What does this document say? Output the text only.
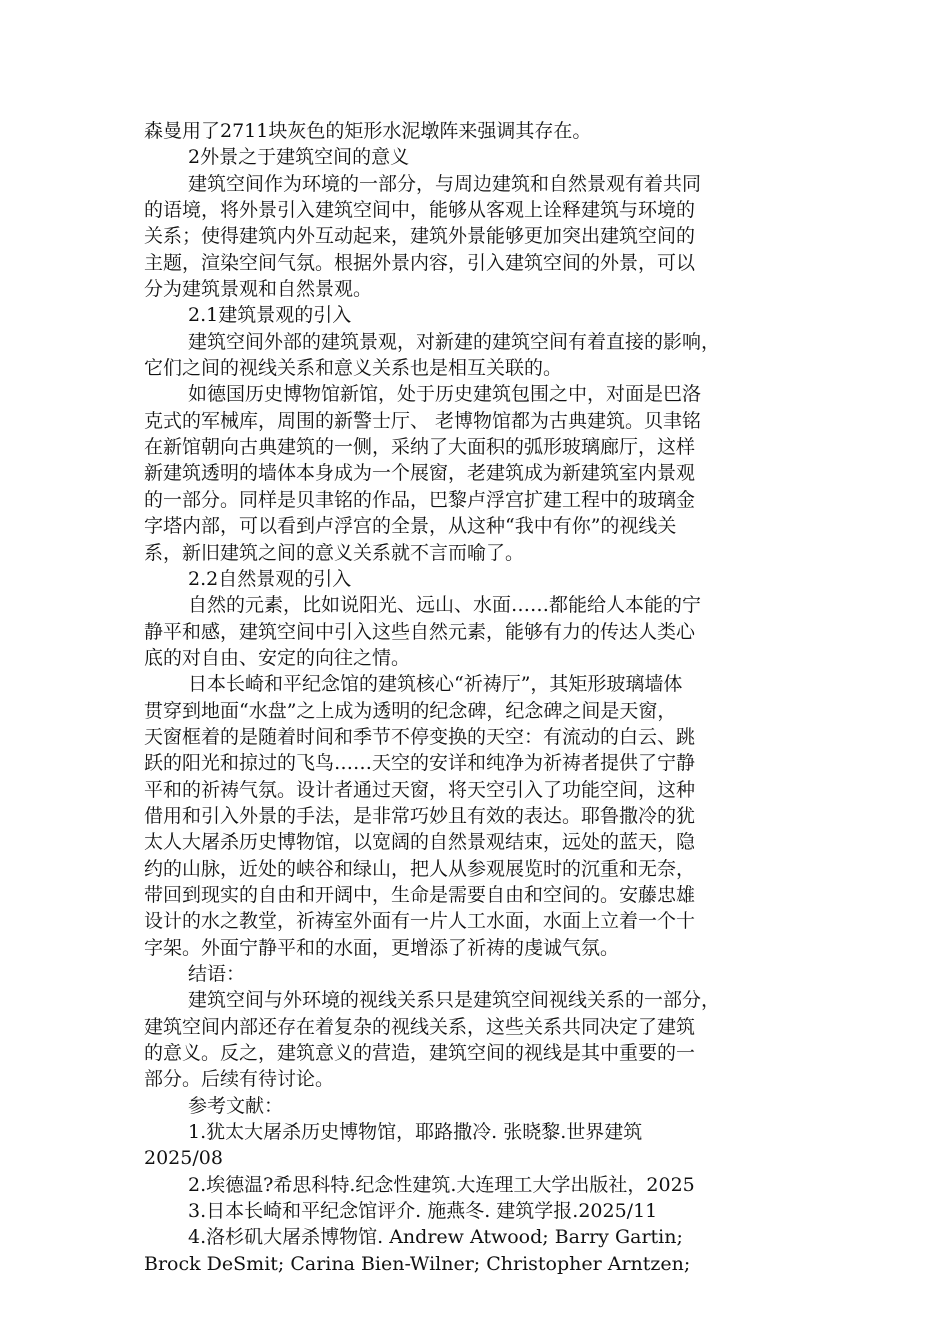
森曼用了2711块灰色的矩形水泥墩阵来强调其存在。
2外景之于建筑空间的意义
建筑空间作为环境的一部分，与周边建筑和自然景观有着共同
的语境，将外景引入建筑空间中，能够从客观上诠释建筑与环境的
关系；使得建筑内外互动起来，建筑外景能够更加突出建筑空间的
主题，渲染空间气氛。根据外景内容，引入建筑空间的外景，可以
分为建筑景观和自然景观。
2.1建筑景观的引入
建筑空间外部的建筑景观，对新建的建筑空间有着直接的影响，
它们之间的视线关系和意义关系也是相互关联的。
如德国历史博物馆新馆，处于历史建筑包围之中，对面是巴洛
克式的军械库，周围的新警士厅、 老博物馆都为古典建筑。贝聿铭
在新馆朝向古典建筑的一侧，采纳了大面积的弧形玻璃廊厅，这样
新建筑透明的墙体本身成为一个展窗，老建筑成为新建筑室内景观
的一部分。同样是贝聿铭的作品，巴黎卢浮宫扩建工程中的玻璃金
字塔内部，可以看到卢浮宫的全景，从这种“我中有你”的视线关
系，新旧建筑之间的意义关系就不言而喻了。
2.2自然景观的引入
自然的元素，比如说阳光、远山、水面……都能给人本能的宁
静平和感，建筑空间中引入这些自然元素，能够有力的传达人类心
底的对自由、安定的向往之情。
日本长崎和平纪念馆的建筑核心“祈祷厅”，其矩形玻璃墙体
贯穿到地面“水盘”之上成为透明的纪念碑，纪念碑之间是天窗，
天窗框着的是随着时间和季节不停变换的天空：有流动的白云、跳
跃的阳光和掠过的飞鸟……天空的安详和纯净为祈祷者提供了宁静
平和的祈祷气氛。设计者通过天窗，将天空引入了功能空间，这种
借用和引入外景的手法，是非常巧妙且有效的表达。耶鲁撒冷的犹
太人大屠杀历史博物馆，以宽阔的自然景观结束，远处的蓝天，隐
约的山脉，近处的峡谷和绿山，把人从参观展览时的沉重和无奈，
带回到现实的自由和开阔中，生命是需要自由和空间的。安藤忠雄
设计的水之教堂，祈祷室外面有一片人工水面，水面上立着一个十
字架。外面宁静平和的水面，更增添了祈祷的虔诚气氛。
结语：
建筑空间与外环境的视线关系只是建筑空间视线关系的一部分，
建筑空间内部还存在着复杂的视线关系，这些关系共同决定了建筑
的意义。反之，建筑意义的营造，建筑空间的视线是其中重要的一
部分。后续有待讨论。
参考文献：
1.犹太大屠杀历史博物馆，耶路撒冷. 张晓黎.世界建筑
2025/08
2.埃德温?希思科特.纪念性建筑.大连理工大学出版社，2025
3.日本长崎和平纪念馆评介. 施燕冬. 建筑学报.2025/11
4.洛杉矶大屠杀博物馆. Andrew Atwood; Barry Gartin;
Brock DeSmit; Carina Bien-Wilner; Christopher Arntzen;
